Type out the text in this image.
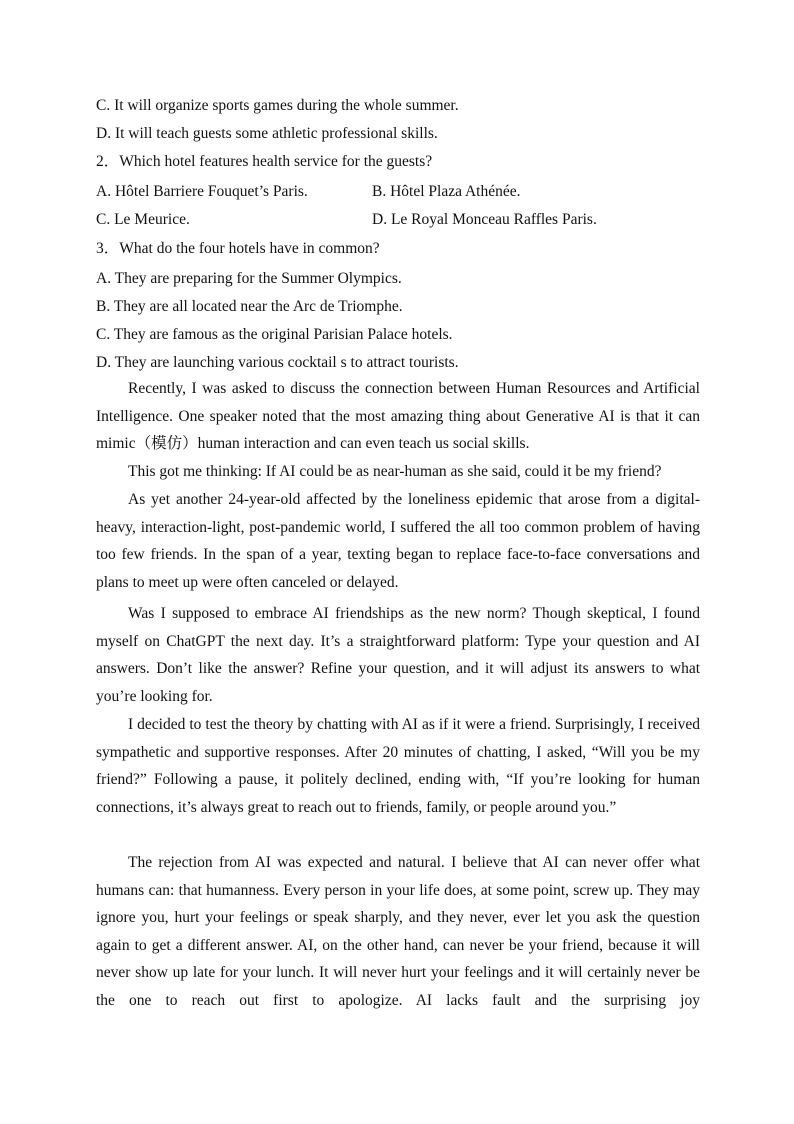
C. It will organize sports games during the whole summer.
D. It will teach guests some athletic professional skills.
2．Which hotel features health service for the guests?
A. Hôtel Barriere Fouquet’s Paris.	B. Hôtel Plaza Athénée.
C. Le Meurice.	D. Le Royal Monceau Raffles Paris.
3．What do the four hotels have in common?
A. They are preparing for the Summer Olympics.
B. They are all located near the Arc de Triomphe.
C. They are famous as the original Parisian Palace hotels.
D. They are launching various cocktail s to attract tourists.

Recently, I was asked to discuss the connection between Human Resources and Artificial Intelligence. One speaker noted that the most amazing thing about Generative AI is that it can mimic（模仿）human interaction and can even teach us social skills.

This got me thinking: If AI could be as near-human as she said, could it be my friend?

As yet another 24-year-old affected by the loneliness epidemic that arose from a digital-heavy, interaction-light, post-pandemic world, I suffered the all too common problem of having too few friends. In the span of a year, texting began to replace face-to-face conversations and plans to meet up were often canceled or delayed.

Was I supposed to embrace AI friendships as the new norm? Though skeptical, I found myself on ChatGPT the next day. It’s a straightforward platform: Type your question and AI answers. Don’t like the answer? Refine your question, and it will adjust its answers to what you’re looking for.

I decided to test the theory by chatting with AI as if it were a friend. Surprisingly, I received sympathetic and supportive responses. After 20 minutes of chatting, I asked, “Will you be my friend?” Following a pause, it politely declined, ending with, “If you’re looking for human connections, it’s always great to reach out to friends, family, or people around you.”

The rejection from AI was expected and natural. I believe that AI can never offer what humans can: that humanness. Every person in your life does, at some point, screw up. They may ignore you, hurt your feelings or speak sharply, and they never, ever let you ask the question again to get a different answer. AI, on the other hand, can never be your friend, because it will never show up late for your lunch. It will never hurt your feelings and it will certainly never be the one to reach out first to apologize. AI lacks fault and the surprising joy
